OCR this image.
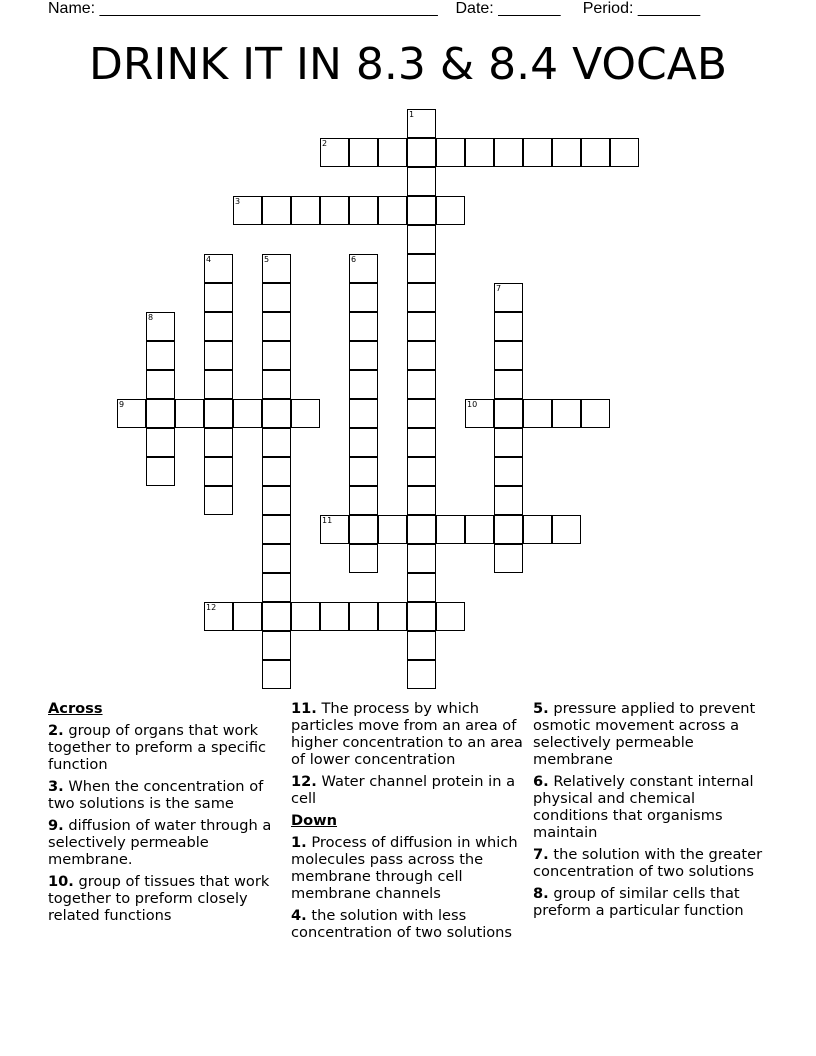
Name: ______________________________________ Date: _______ Period: _______
DRINK IT IN 8.3 & 8.4 VOCAB
1
2
3
4	5	6
7
8
9	10
11
12
Across
2. group of organs that work together to preform a specific function
3. When the concentration of two solutions is the same
9. diffusion of water through a selectively permeable membrane.
10. group of tissues that work together to preform closely related functions
11. The process by which particles move from an area of higher concentration to an area of lower concentration
12. Water channel protein in a cell
Down
1. Process of diffusion in which molecules pass across the membrane through cell membrane channels
4. the solution with less concentration of two solutions
5. pressure applied to prevent osmotic movement across a selectively permeable membrane
6. Relatively constant internal physical and chemical conditions that organisms maintain
7. the solution with the greater concentration of two solutions
8. group of similar cells that preform a particular function
